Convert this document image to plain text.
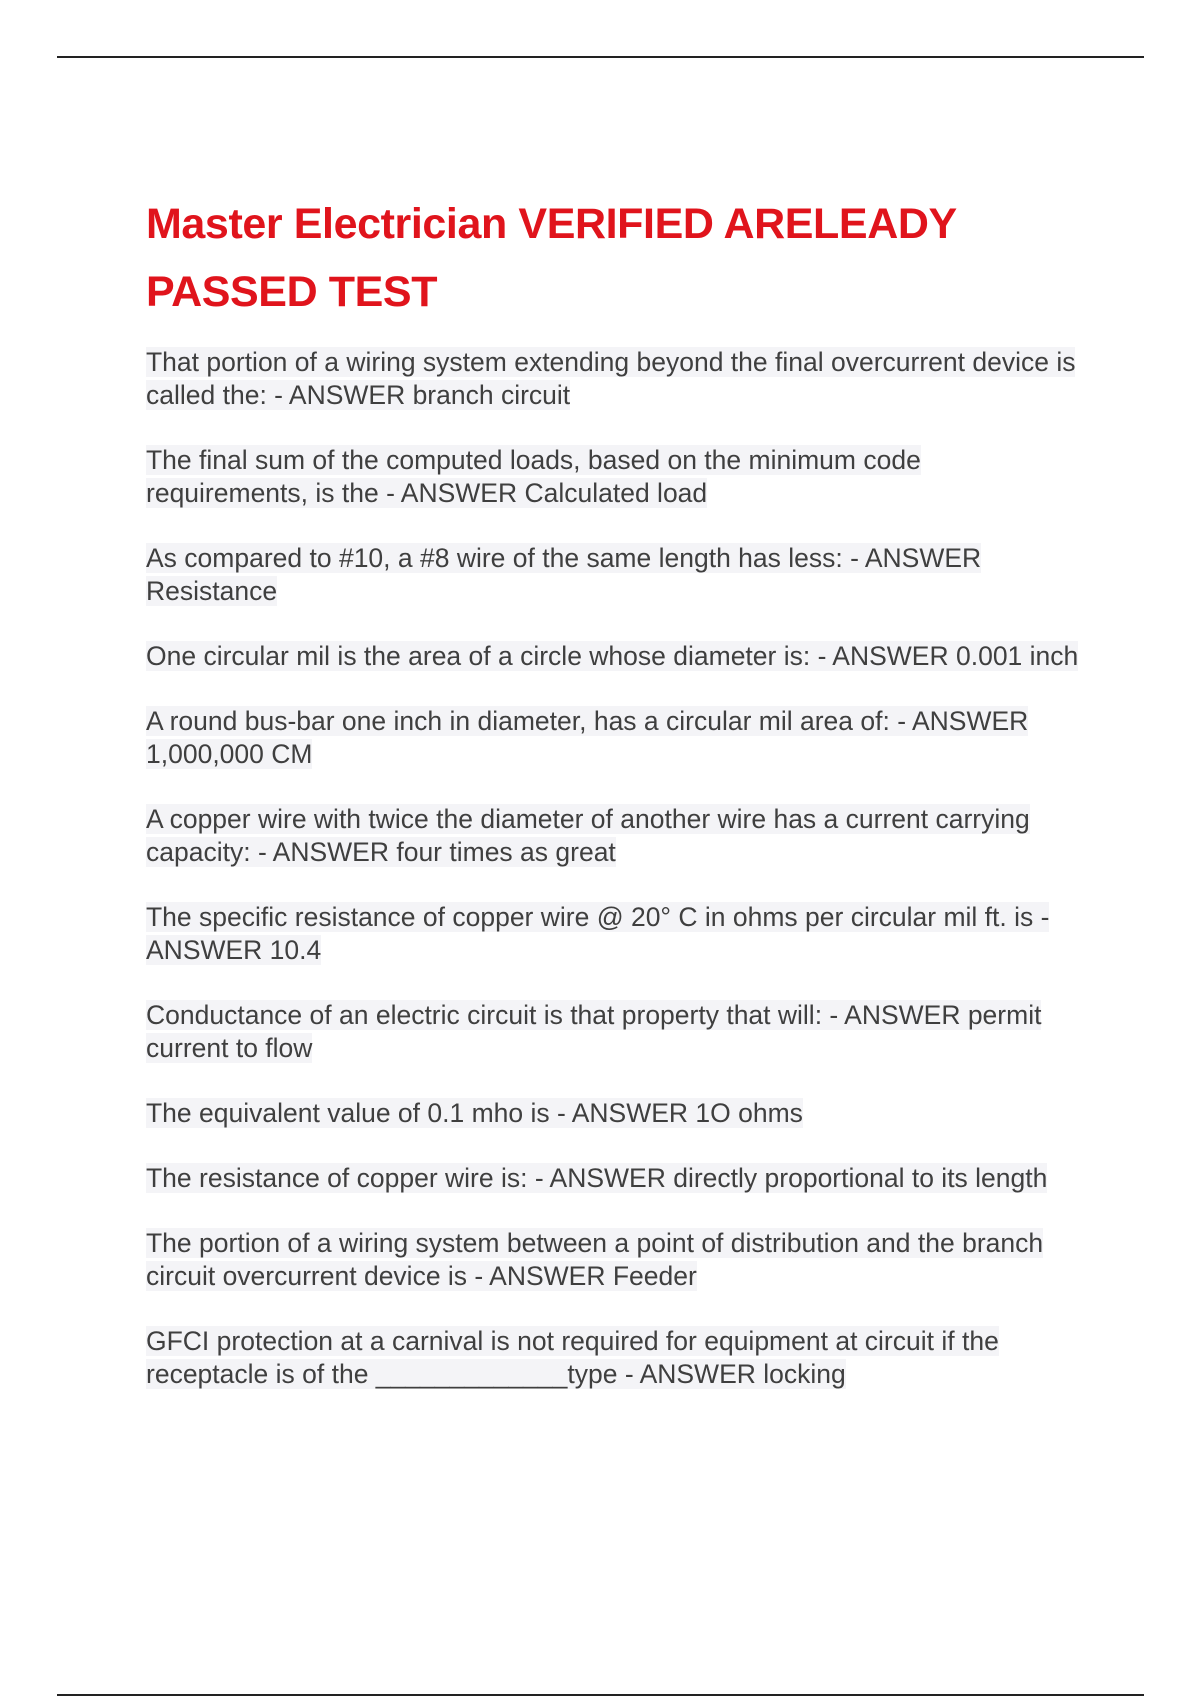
Master Electrician VERIFIED ARELEADY PASSED TEST
That portion of a wiring system extending beyond the final overcurrent device is called the: - ANSWER branch circuit
The final sum of the computed loads, based on the minimum code requirements, is the - ANSWER Calculated load
As compared to #10, a #8 wire of the same length has less: - ANSWER Resistance
One circular mil is the area of a circle whose diameter is: - ANSWER 0.001 inch
A round bus-bar one inch in diameter, has a circular mil area of: - ANSWER 1,000,000 CM
A copper wire with twice the diameter of another wire has a current carrying capacity: - ANSWER four times as great
The specific resistance of copper wire @ 20° C in ohms per circular mil ft. is - ANSWER 10.4
Conductance of an electric circuit is that property that will: - ANSWER permit current to flow
The equivalent value of 0.1 mho is - ANSWER 1O ohms
The resistance of copper wire is: - ANSWER directly proportional to its length
The portion of a wiring system between a point of distribution and the branch circuit overcurrent device is - ANSWER Feeder
GFCI protection at a carnival is not required for equipment at circuit if the receptacle is of the _____________type - ANSWER locking
